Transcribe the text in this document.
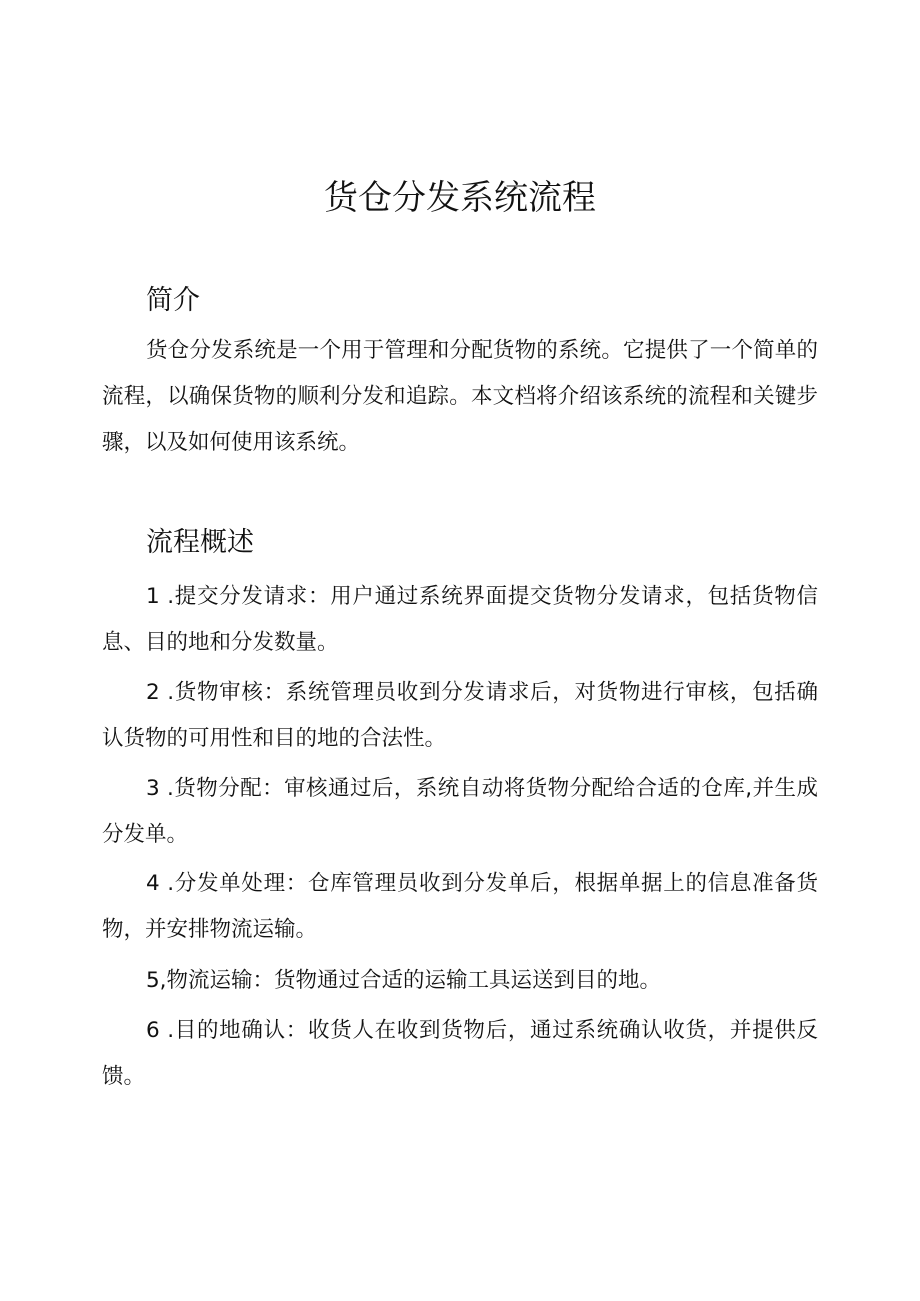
货仓分发系统流程
简介

货仓分发系统是一个用于管理和分配货物的系统。它提供了一个简单的流程，以确保货物的顺利分发和追踪。本文档将介绍该系统的流程和关键步骤，以及如何使用该系统。

流程概述

1 .提交分发请求：用户通过系统界面提交货物分发请求，包括货物信息、目的地和分发数量。

2 .货物审核：系统管理员收到分发请求后，对货物进行审核，包括确认货物的可用性和目的地的合法性。

3 .货物分配：审核通过后，系统自动将货物分配给合适的仓库,并生成分发单。

4 .分发单处理：仓库管理员收到分发单后，根据单据上的信息准备货物，并安排物流运输。

5,物流运输：货物通过合适的运输工具运送到目的地。

6 .目的地确认：收货人在收到货物后，通过系统确认收货，并提供反馈。
